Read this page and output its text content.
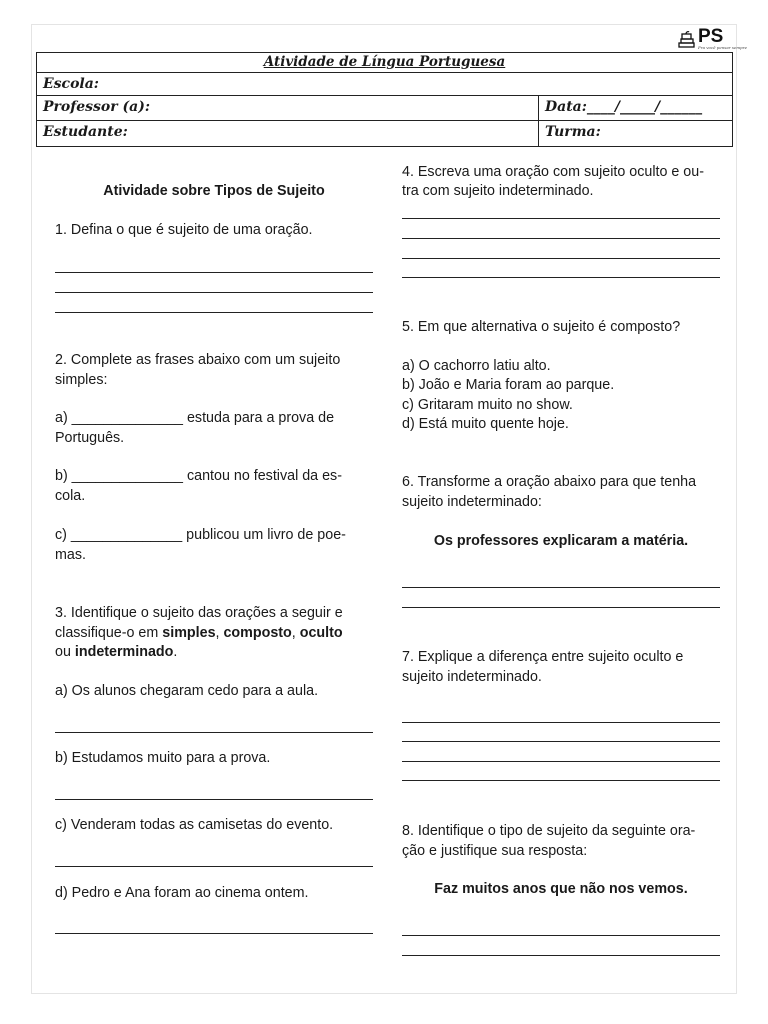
PS
Pra você pensar sempre
Atividade de Língua Portuguesa
Escola:
Professor (a):	Data:____/_____/______
Estudante:	Turma:
Atividade sobre Tipos de Sujeito
1. Defina o que é sujeito de uma oração.
2. Complete as frases abaixo com um sujeito
simples:
a) ______________ estuda para a prova de
Português.
b) ______________ cantou no festival da es-
cola.
c) ______________ publicou um livro de poe-
mas.
3. Identifique o sujeito das orações a seguir e
classifique-o em simples, composto, oculto
ou indeterminado.
a) Os alunos chegaram cedo para a aula.
b) Estudamos muito para a prova.
c) Venderam todas as camisetas do evento.
d) Pedro e Ana foram ao cinema ontem.
4. Escreva uma oração com sujeito oculto e ou-
tra com sujeito indeterminado.
5. Em que alternativa o sujeito é composto?
a) O cachorro latiu alto.
b) João e Maria foram ao parque.
c) Gritaram muito no show.
d) Está muito quente hoje.
6. Transforme a oração abaixo para que tenha
sujeito indeterminado:
Os professores explicaram a matéria.
7. Explique a diferença entre sujeito oculto e
sujeito indeterminado.
8. Identifique o tipo de sujeito da seguinte ora-
ção e justifique sua resposta:
Faz muitos anos que não nos vemos.
